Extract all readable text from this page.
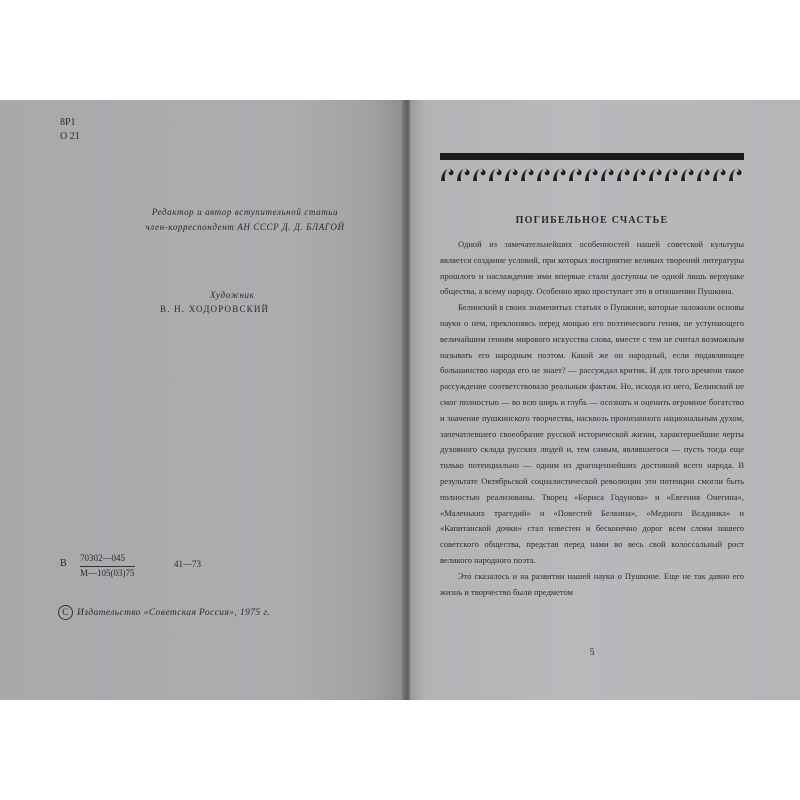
8Р1
О 21
Редактор и автор вступительной статьи
член-корреспондент АН СССР Д. Д. БЛАГОЙ
Художник
В. Н. ХОДОРОВСКИЙ
В 70302—045
М—105(03)75
41—73
C Издательство «Советская Россия», 1975 г.
ПОГИБЕЛЬНОЕ СЧАСТЬЕ

Одной из замечательнейших особенностей нашей советской культуры является создание условий, при которых восприятие великих творений литературы прошлого и наслаждение ими впервые стали доступны не одной лишь верхушке общества, а всему народу. Особенно ярко проступает это в отношении Пушкина.

Белинский в своих знаменитых статьях о Пушкине, которые заложили основы науки о нем, преклоняясь перед мощью его поэтического гения, не уступающего величайшим гениям мирового искусства слова, вместе с тем не считал возможным называть его народным поэтом. Какой же он народный, если подавляющее большинство народа его не знает? — рассуждал критик. И для того времени такое рассуждение соответствовало реальным фактам. Но, исходя из него, Белинский не смог полностью — во всю ширь и глубь — осознать и оценить огромное богатство и значение пушкинского творчества, насквозь пронизанного национальным духом, запечатлевшего своеобразие русской исторической жизни, характернейшие черты духовного склада русских людей и, тем самым, являвшегося — пусть тогда еще только потенциально — одним из драгоценнейших достояний всего народа. В результате Октябрьской социалистической революции эти потенции смогли быть полностью реализованы. Творец «Бориса Годунова» и «Евгения Онегина», «Маленьких трагедий» и «Повестей Белкина», «Медного Всадника» и «Капитанской дочки» стал известен и бесконечно дорог всем слоям нашего советского общества, представ перед нами во весь свой колоссальный рост великого народного поэта.

Это сказалось и на развитии нашей науки о Пушкине. Еще не так давно его жизнь и творчество были предметом

5
